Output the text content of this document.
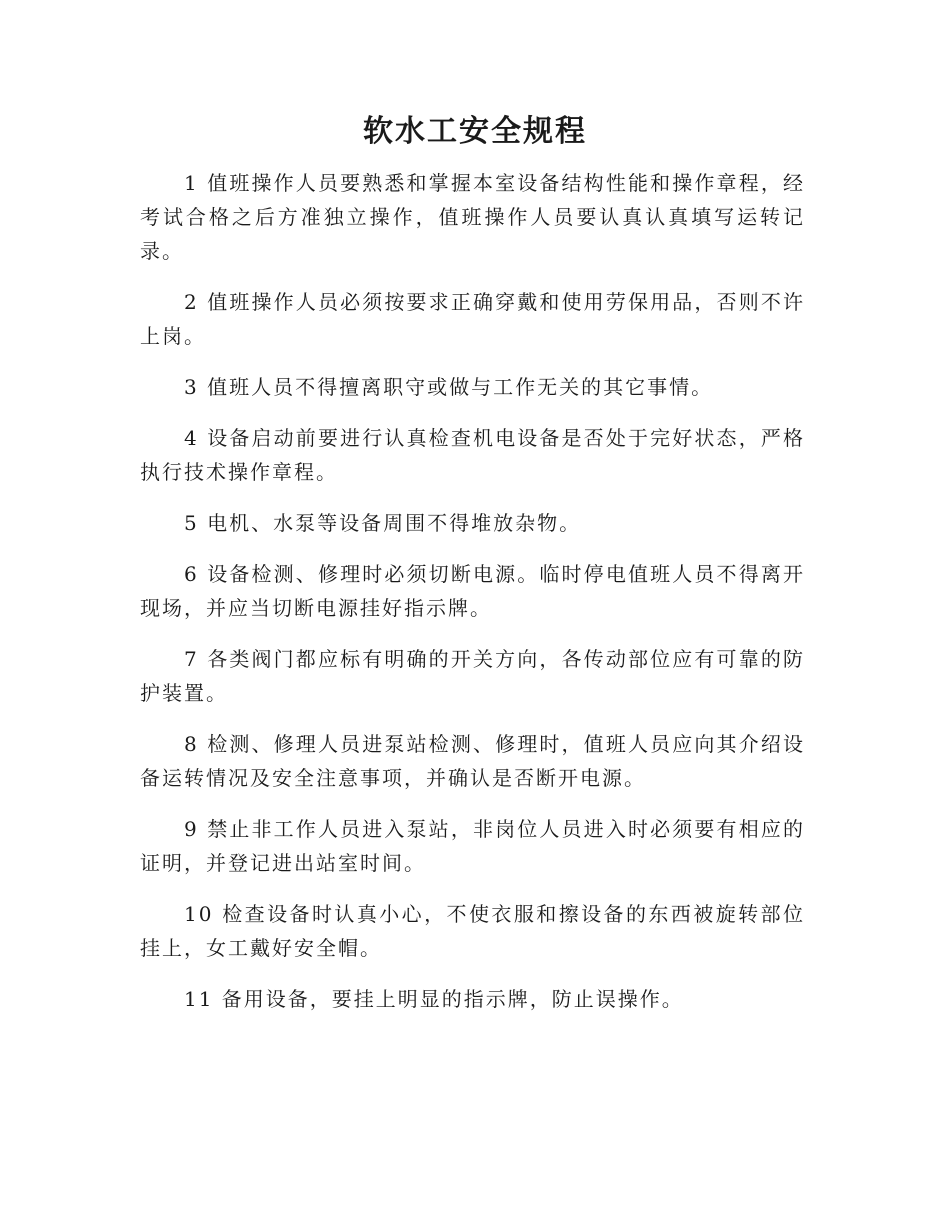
软水工安全规程

1 值班操作人员要熟悉和掌握本室设备结构性能和操作章程，经考试合格之后方准独立操作，值班操作人员要认真认真填写运转记录。

2 值班操作人员必须按要求正确穿戴和使用劳保用品，否则不许上岗。

3 值班人员不得擅离职守或做与工作无关的其它事情。

4 设备启动前要进行认真检查机电设备是否处于完好状态，严格执行技术操作章程。

5 电机、水泵等设备周围不得堆放杂物。

6 设备检测、修理时必须切断电源。临时停电值班人员不得离开现场，并应当切断电源挂好指示牌。

7 各类阀门都应标有明确的开关方向，各传动部位应有可靠的防护装置。

8 检测、修理人员进泵站检测、修理时，值班人员应向其介绍设备运转情况及安全注意事项，并确认是否断开电源。

9 禁止非工作人员进入泵站，非岗位人员进入时必须要有相应的证明，并登记进出站室时间。

10 检查设备时认真小心，不使衣服和擦设备的东西被旋转部位挂上，女工戴好安全帽。

11 备用设备，要挂上明显的指示牌，防止误操作。
